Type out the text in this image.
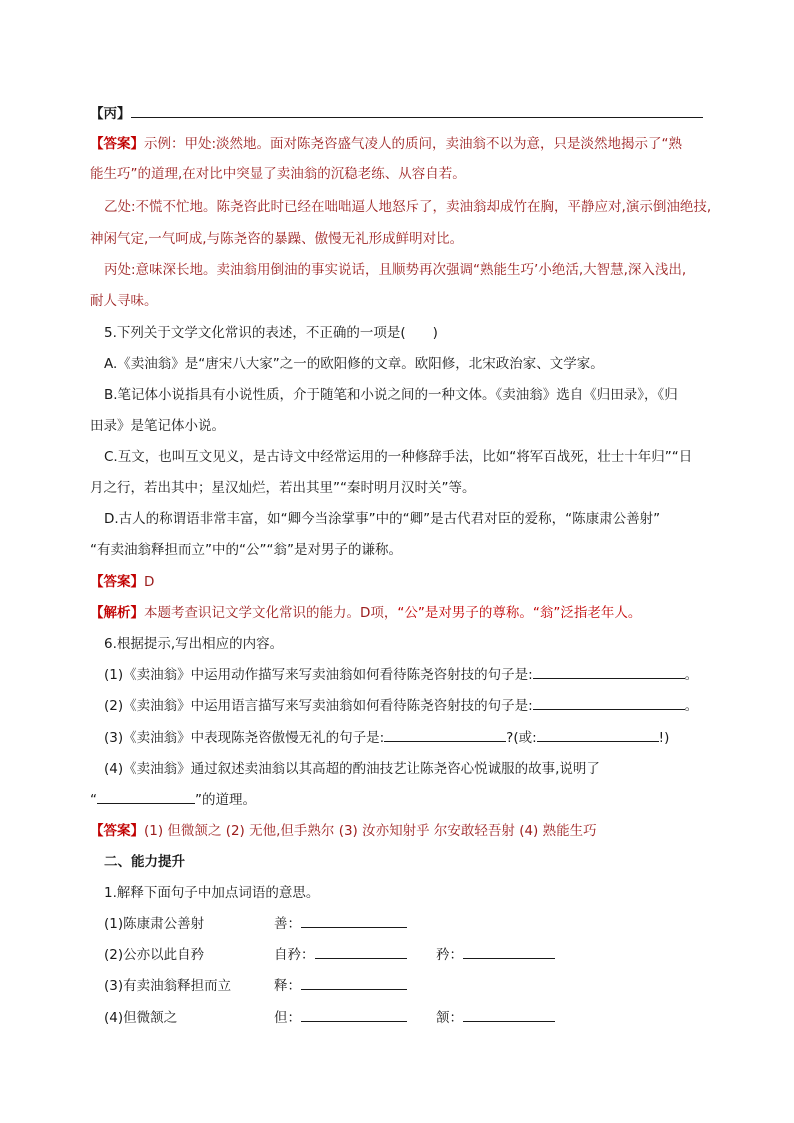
【丙】
【答案】示例：甲处:淡然地。面对陈尧咨盛气凌人的质问，卖油翁不以为意，只是淡然地揭示了“熟
能生巧”的道理,在对比中突显了卖油翁的沉稳老练、从容自若。
乙处:不慌不忙地。陈尧咨此时已经在咄咄逼人地怒斥了，卖油翁却成竹在胸，平静应对,演示倒油绝技,
神闲气定,一气呵成,与陈尧咨的暴躁、傲慢无礼形成鲜明对比。
丙处:意味深长地。卖油翁用倒油的事实说话，且顺势再次强调“熟能生巧’小绝活,大智慧,深入浅出,
耐人寻味。
5.下列关于文学文化常识的表述，不正确的一项是(　　)
A.《卖油翁》是“唐宋八大家”之一的欧阳修的文章。欧阳修，北宋政治家、文学家。
B.笔记体小说指具有小说性质，介于随笔和小说之间的一种文体。《卖油翁》选自《归田录》，《归
田录》是笔记体小说。
C.互文，也叫互文见义，是古诗文中经常运用的一种修辞手法，比如“将军百战死，壮士十年归”“日
月之行，若出其中；星汉灿烂，若出其里”“秦时明月汉时关”等。
D.古人的称谓语非常丰富，如“卿今当涂掌事”中的“卿”是古代君对臣的爱称，“陈康肃公善射”
“有卖油翁释担而立”中的“公”“翁”是对男子的谦称。
【答案】D
【解析】本题考查识记文学文化常识的能力。D项，“公”是对男子的尊称。“翁”泛指老年人。
6.根据提示,写出相应的内容。
(1)《卖油翁》中运用动作描写来写卖油翁如何看待陈尧咨射技的句子是:	。
(2)《卖油翁》中运用语言描写来写卖油翁如何看待陈尧咨射技的句子是:	。
(3)《卖油翁》中表现陈尧咨傲慢无礼的句子是:	?(或:	!)
(4)《卖油翁》通过叙述卖油翁以其高超的酌油技艺让陈尧咨心悦诚服的故事,说明了
“	”的道理。
【答案】(1) 但微颔之 (2) 无他,但手熟尔 (3) 汝亦知射乎 尔安敢轻吾射 (4) 熟能生巧
二、能力提升
1.解释下面句子中加点词语的意思。
(1)陈康肃公善射	善：
(2)公亦以此自矜	自矜：	矜：
(3)有卖油翁释担而立	释：
(4)但微颔之	但：	颔：
